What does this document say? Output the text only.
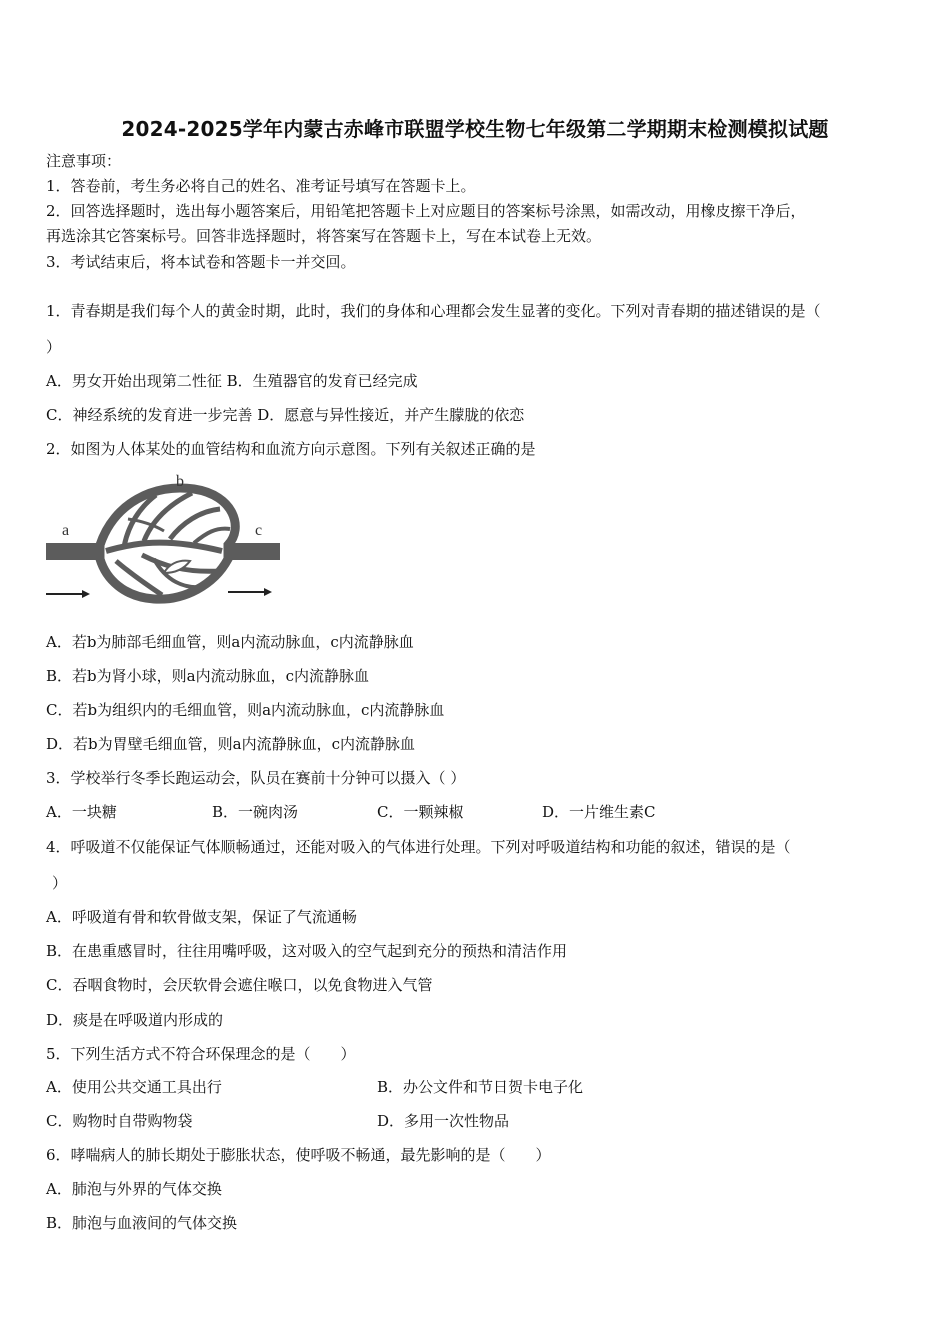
2024-2025学年内蒙古赤峰市联盟学校生物七年级第二学期期末检测模拟试题
注意事项：
1．答卷前，考生务必将自己的姓名、准考证号填写在答题卡上。
2．回答选择题时，选出每小题答案后，用铅笔把答题卡上对应题目的答案标号涂黑，如需改动，用橡皮擦干净后，
再选涂其它答案标号。回答非选择题时，将答案写在答题卡上，写在本试卷上无效。
3．考试结束后，将本试卷和答题卡一并交回。
1．青春期是我们每个人的黄金时期，此时，我们的身体和心理都会发生显著的变化。下列对青春期的描述错误的是（
）
A．男女开始出现第二性征 B．生殖器官的发育已经完成
C．神经系统的发育进一步完善 D．愿意与异性接近，并产生朦胧的依恋
2．如图为人体某处的血管结构和血流方向示意图。下列有关叙述正确的是
a
b
c
A．若b为肺部毛细血管，则a内流动脉血，c内流静脉血
B．若b为肾小球，则a内流动脉血，c内流静脉血
C．若b为组织内的毛细血管，则a内流动脉血，c内流静脉血
D．若b为胃壁毛细血管，则a内流静脉血，c内流静脉血
3．学校举行冬季长跑运动会，队员在赛前十分钟可以摄入（ ）
A．一块糖	B．一碗肉汤	C．一颗辣椒	D．一片维生素C
4．呼吸道不仅能保证气体顺畅通过，还能对吸入的气体进行处理。下列对呼吸道结构和功能的叙述，错误的是（
）
A．呼吸道有骨和软骨做支架，保证了气流通畅
B．在患重感冒时，往往用嘴呼吸，这对吸入的空气起到充分的预热和清洁作用
C．吞咽食物时，会厌软骨会遮住喉口，以免食物进入气管
D．痰是在呼吸道内形成的
5．下列生活方式不符合环保理念的是（　　）
A．使用公共交通工具出行	B．办公文件和节日贺卡电子化
C．购物时自带购物袋	D．多用一次性物品
6．哮喘病人的肺长期处于膨胀状态，使呼吸不畅通，最先影响的是（　　）
A．肺泡与外界的气体交换
B．肺泡与血液间的气体交换
